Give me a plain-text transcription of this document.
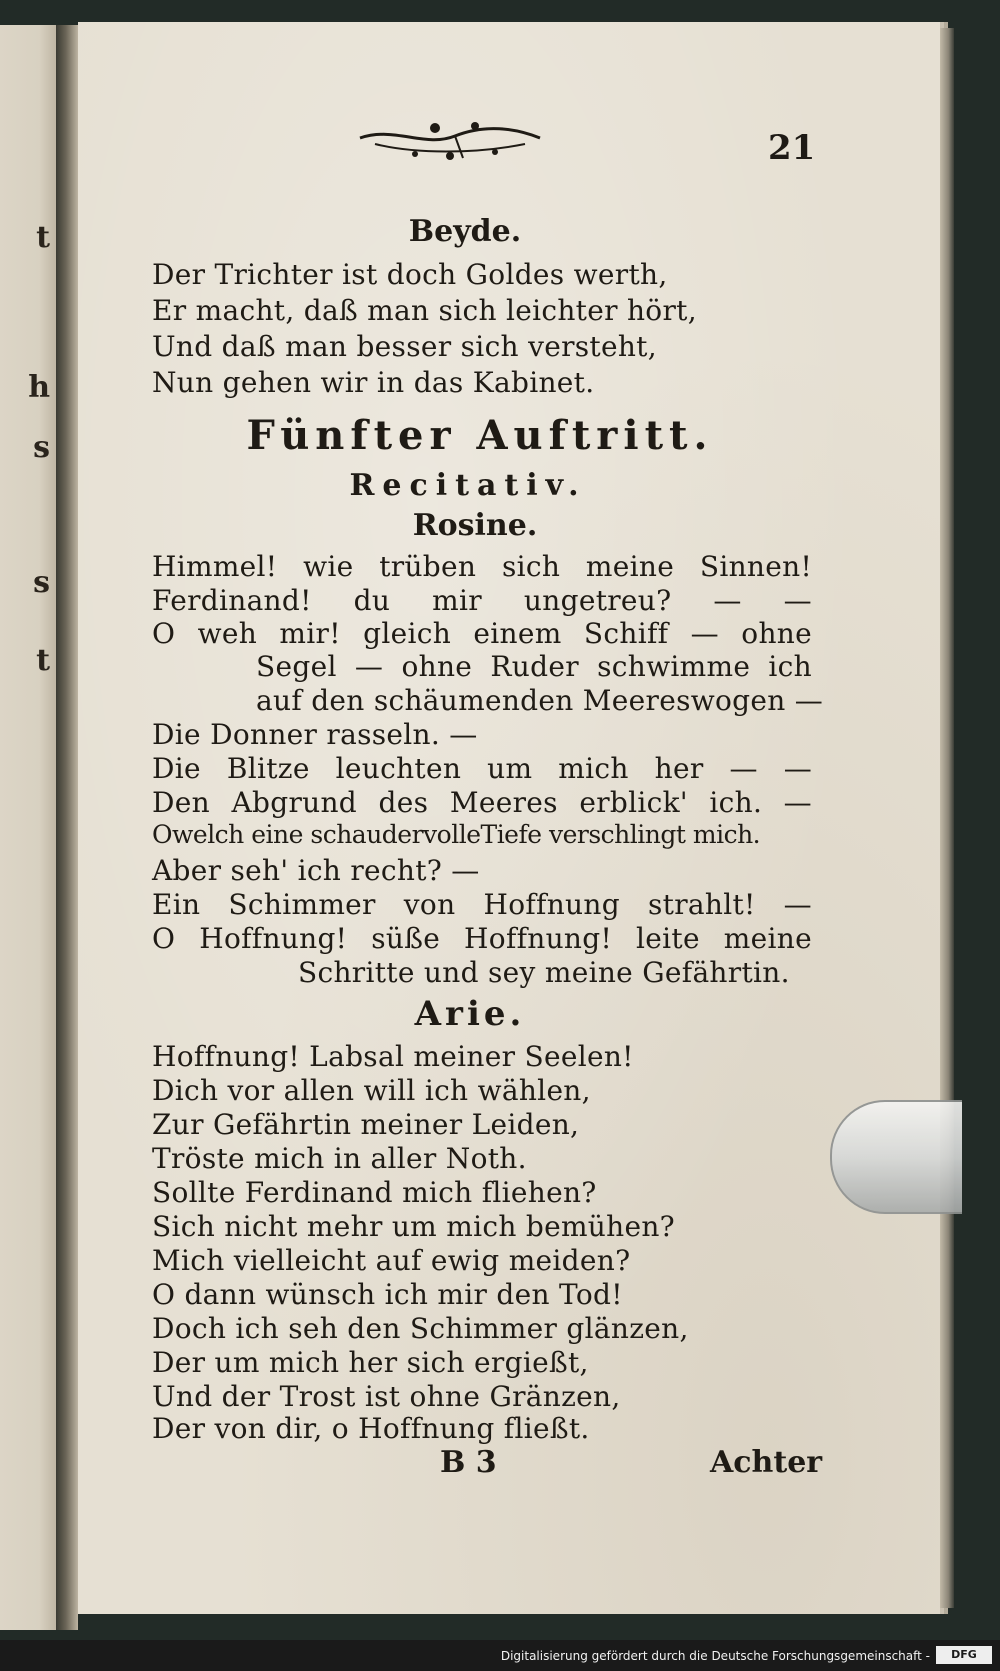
t
h
s
s
t
21
Beyde.
Der Trichter ist doch Goldes werth,
Er macht, daß man sich leichter hört,
Und daß man besser sich versteht,
Nun gehen wir in das Kabinet.
Fünfter Auftritt.
Recitativ.
Rosine.
Himmel! wie trüben sich meine Sinnen!
Ferdinand! du mir ungetreu? — —
O weh mir! gleich einem Schiff — ohne
Segel — ohne Ruder schwimme ich
auf den schäumenden Meereswogen —
Die Donner rasseln. —
Die Blitze leuchten um mich her — —
Den Abgrund des Meeres erblick' ich. —
Owelch eine schaudervolleTiefe verschlingt mich.
Aber seh' ich recht? —
Ein Schimmer von Hoffnung strahlt! —
O Hoffnung! süße Hoffnung! leite meine
Schritte und sey meine Gefährtin.
Arie.
Hoffnung! Labsal meiner Seelen!
Dich vor allen will ich wählen,
Zur Gefährtin meiner Leiden,
Tröste mich in aller Noth.
Sollte Ferdinand mich fliehen?
Sich nicht mehr um mich bemühen?
Mich vielleicht auf ewig meiden?
O dann wünsch ich mir den Tod!
Doch ich seh den Schimmer glänzen,
Der um mich her sich ergießt,
Und der Trost ist ohne Gränzen,
Der von dir, o Hoffnung fließt.
B 3	Achter
Digitalisierung gefördert durch die Deutsche Forschungsgemeinschaft -	DFG
